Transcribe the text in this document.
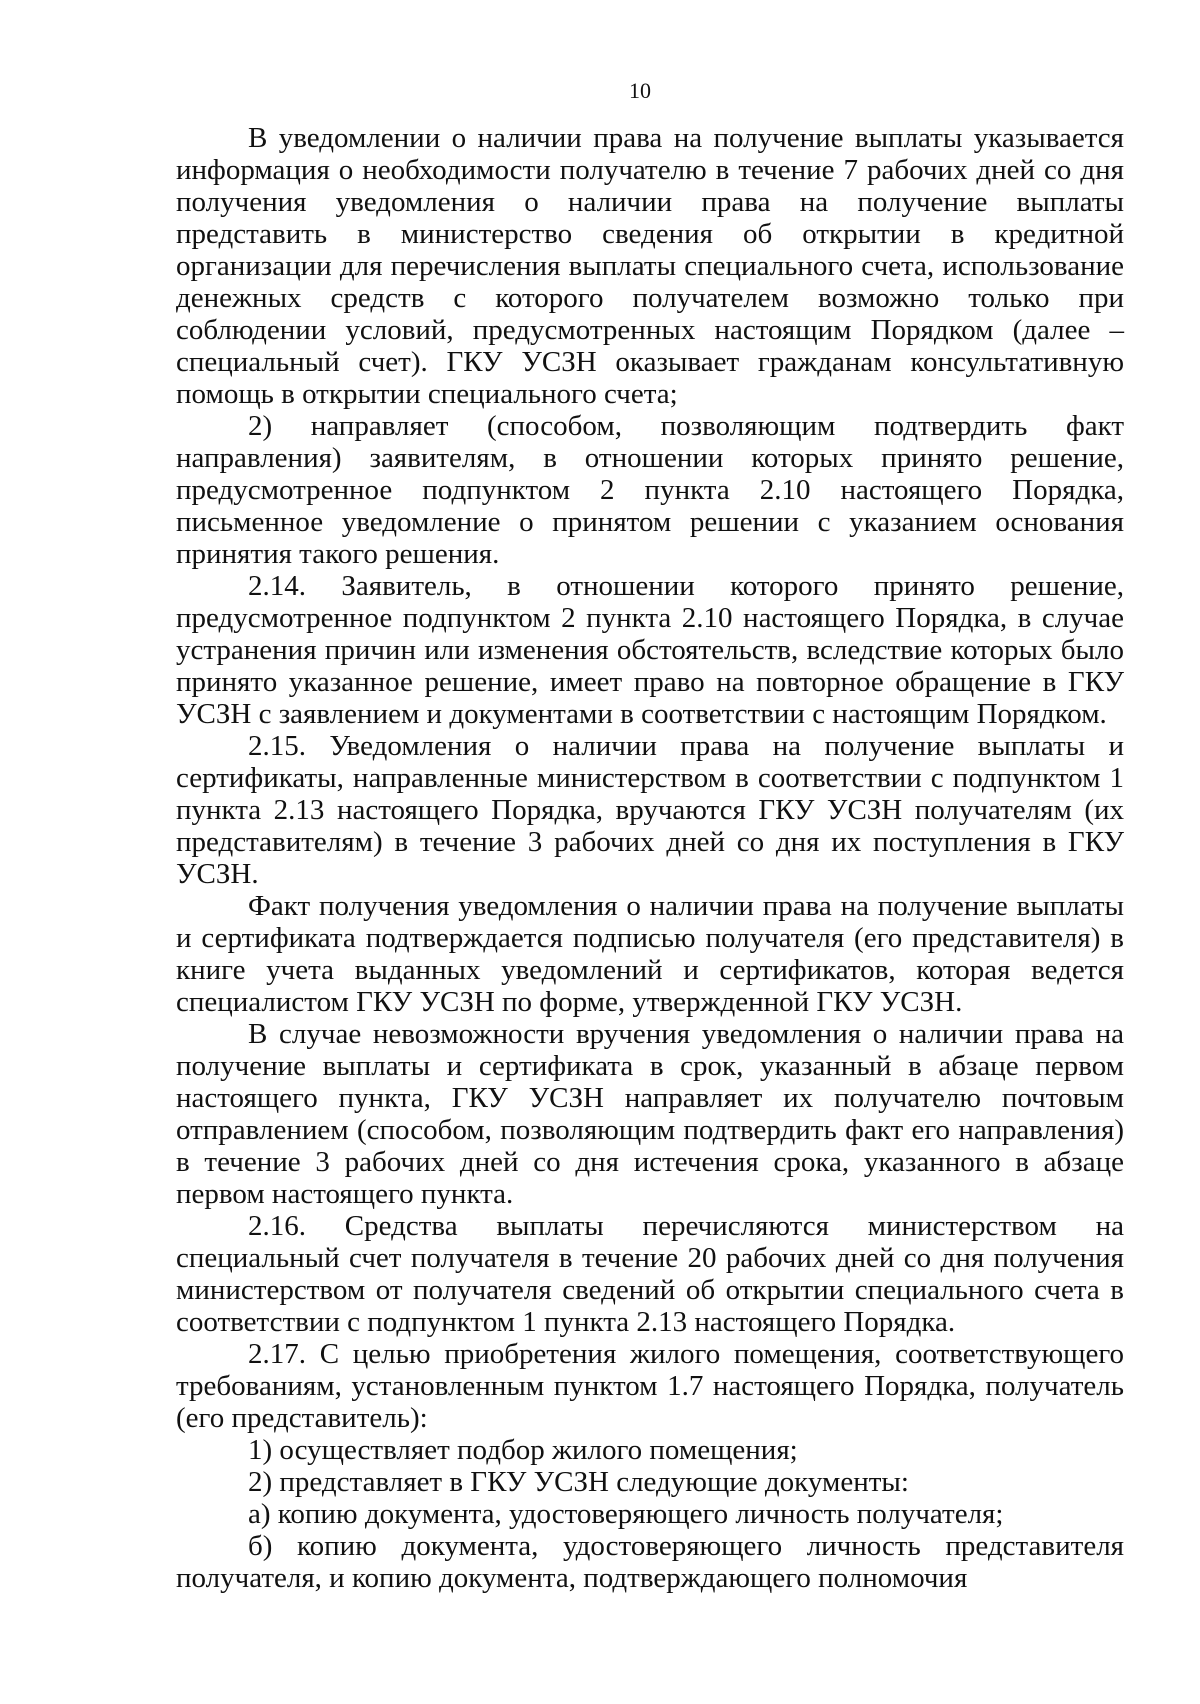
10

В уведомлении о наличии права на получение выплаты указывается информация о необходимости получателю в течение 7 рабочих дней со дня получения уведомления о наличии права на получение выплаты представить в министерство сведения об открытии в кредитной организации для перечисления выплаты специального счета, использование денежных средств с которого получателем возможно только при соблюдении условий, предусмотренных настоящим Порядком (далее – специальный счет). ГКУ УСЗН оказывает гражданам консультативную помощь в открытии специального счета;

2) направляет (способом, позволяющим подтвердить факт направления) заявителям, в отношении которых принято решение, предусмотренное подпунктом 2 пункта 2.10 настоящего Порядка, письменное уведомление о принятом решении с указанием основания принятия такого решения.

2.14. Заявитель, в отношении которого принято решение, предусмотренное подпунктом 2 пункта 2.10 настоящего Порядка, в случае устранения причин или изменения обстоятельств, вследствие которых было принято указанное решение, имеет право на повторное обращение в ГКУ УСЗН с заявлением и документами в соответствии с настоящим Порядком.

2.15. Уведомления о наличии права на получение выплаты и сертификаты, направленные министерством в соответствии с подпунктом 1 пункта 2.13 настоящего Порядка, вручаются ГКУ УСЗН получателям (их представителям) в течение 3 рабочих дней со дня их поступления в ГКУ УСЗН.

Факт получения уведомления о наличии права на получение выплаты и сертификата подтверждается подписью получателя (его представителя) в книге учета выданных уведомлений и сертификатов, которая ведется специалистом ГКУ УСЗН по форме, утвержденной ГКУ УСЗН.

В случае невозможности вручения уведомления о наличии права на получение выплаты и сертификата в срок, указанный в абзаце первом настоящего пункта, ГКУ УСЗН направляет их получателю почтовым отправлением (способом, позволяющим подтвердить факт его направления) в течение 3 рабочих дней со дня истечения срока, указанного в абзаце первом настоящего пункта.

2.16. Средства выплаты перечисляются министерством на специальный счет получателя в течение 20 рабочих дней со дня получения министерством от получателя сведений об открытии специального счета в соответствии с подпунктом 1 пункта 2.13 настоящего Порядка.

2.17. С целью приобретения жилого помещения, соответствующего требованиям, установленным пунктом 1.7 настоящего Порядка, получатель (его представитель):

1) осуществляет подбор жилого помещения;

2) представляет в ГКУ УСЗН следующие документы:

а) копию документа, удостоверяющего личность получателя;

б) копию документа, удостоверяющего личность представителя получателя, и копию документа, подтверждающего полномочия
